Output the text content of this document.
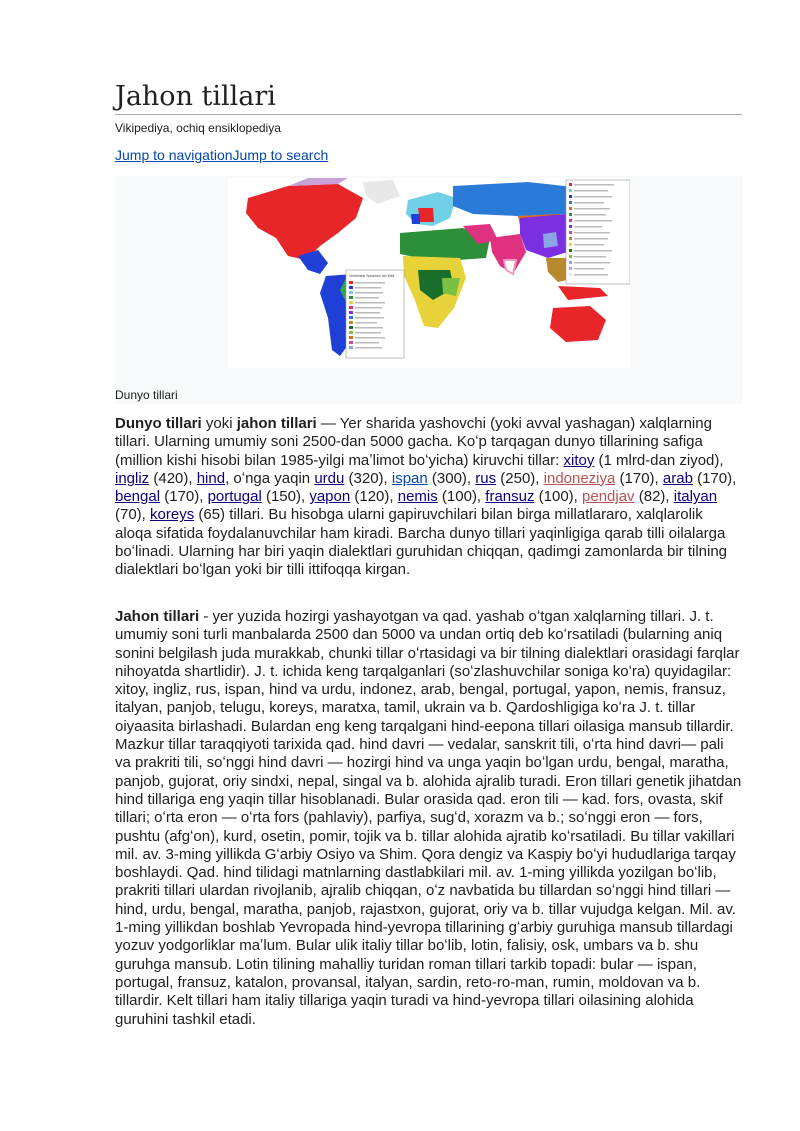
Jahon tillari
Vikipediya, ochiq ensiklopediya
Jump to navigationJump to search
Verbreitete Sprachen der Welt
Dunyo tillari
Dunyo tillari yoki jahon tillari — Yer sharida yashovchi (yoki avval yashagan) xalqlarning tillari. Ularning umumiy soni 2500-dan 5000 gacha. Koʻp tarqagan dunyo tillarining safiga (million kishi hisobi bilan 1985-yilgi maʼlimot boʻyicha) kiruvchi tillar: xitoy (1 mlrd-dan ziyod), ingliz (420), hind, oʻnga yaqin urdu (320), ispan (300), rus (250), indoneziya (170), arab (170), bengal (170), portugal (150), yapon (120), nemis (100), fransuz (100), pendjav (82), italyan (70), koreys (65) tillari. Bu hisobga ularni gapiruvchilari bilan birga millatlararo, xalqlarolik aloqa sifatida foydalanuvchilar ham kiradi. Barcha dunyo tillari yaqinligiga qarab tilli oilalarga boʻlinadi. Ularning har biri yaqin dialektlari guruhidan chiqqan, qadimgi zamonlarda bir tilning dialektlari boʻlgan yoki bir tilli ittifoqqa kirgan.
Jahon tillari - yer yuzida hozirgi yashayotgan va qad. yashab oʻtgan xalqlarning tillari. J. t. umumiy soni turli manbalarda 2500 dan 5000 va undan ortiq deb koʻrsatiladi (bularning aniq sonini belgilash juda murakkab, chunki tillar oʻrtasidagi va bir tilning dialektlari orasidagi farqlar nihoyatda shartlidir). J. t. ichida keng tarqalganlari (soʻzlashuvchilar soniga koʻra) quyidagilar: xitoy, ingliz, rus, ispan, hind va urdu, indonez, arab, bengal, portugal, yapon, nemis, fransuz, italyan, panjob, telugu, koreys, maratxa, tamil, ukrain va b. Qardoshligiga koʻra J. t. tillar oiyaasita birlashadi. Bulardan eng keng tarqalgani hind-eepona tillari oilasiga mansub tillardir. Mazkur tillar taraqqiyoti tarixida qad. hind davri — vedalar, sanskrit tili, oʻrta hind davri— pali va prakriti tili, soʻnggi hind davri — hozirgi hind va unga yaqin boʻlgan urdu, bengal, maratha, panjob, gujorat, oriy sindxi, nepal, singal va b. alohida ajralib turadi. Eron tillari genetik jihatdan hind tillariga eng yaqin tillar hisoblanadi. Bular orasida qad. eron tili — kad. fors, ovasta, skif tillari; oʻrta eron — oʻrta fors (pahlaviy), parfiya, sugʻd, xorazm va b.; soʻnggi eron — fors, pushtu (afgʻon), kurd, osetin, pomir, tojik va b. tillar alohida ajratib koʻrsatiladi. Bu tillar vakillari mil. av. 3-ming yillikda Gʻarbiy Osiyo va Shim. Qora dengiz va Kaspiy boʻyi hududlariga tarqay boshlaydi. Qad. hind tilidagi matnlarning dastlabkilari mil. av. 1-ming yillikda yozilgan boʻlib, prakriti tillari ulardan rivojlanib, ajralib chiqqan, oʻz navbatida bu tillardan soʻnggi hind tillari — hind, urdu, bengal, maratha, panjob, rajastxon, gujorat, oriy va b. tillar vujudga kelgan. Mil. av. 1-ming yillikdan boshlab Yevropada hind-yevropa tillarining gʻarbiy guruhiga mansub tillardagi yozuv yodgorliklar maʼlum. Bular ulik italiy tillar boʻlib, lotin, falisiy, osk, umbars va b. shu guruhga mansub. Lotin tilining mahalliy turidan roman tillari tarkib topadi: bular — ispan, portugal, fransuz, katalon, provansal, italyan, sardin, reto-ro-man, rumin, moldovan va b. tillardir. Kelt tillari ham italiy tillariga yaqin turadi va hind-yevropa tillari oilasining alohida guruhini tashkil etadi.
